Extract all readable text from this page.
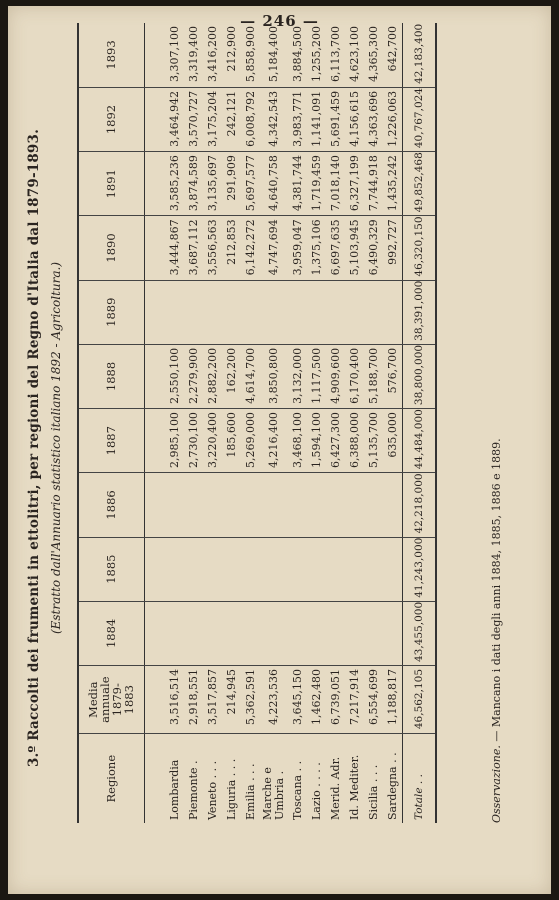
— 246 —
3.º Raccolti dei frumenti in ettolitri, per regioni del Regno d'Italia dal 1879-1893. (Estratto dall'Annuario statistico italiano 1892 - Agricoltura.)
Regione	Media annuale 1879-1883	1884	1885	1886	1887	1888	1889	1890	1891	1892	1893
Lombardia	3,516,514				2,985,100	2,550,100		3,444,867	3,585,236	3,464,942	3,307,100
Piemonte .	2,918,551				2,730,100	2,279,900		3,687,112	3,874,589	3,570,727	3,319,400
Veneto . . .	3,517,857				3,220,400	2,882,200		3,556,563	3,135,697	3,175,204	3,416,200
Liguria . . .	214,945				185,600	162,200		212,853	291,909	242,121	212,900
Emilia . . .	5,362,591				5,269,000	4,614,700		6,142,272	5,697,577	6,008,792	5,858,900
Marche e Umbria .	4,223,536				4,216,400	3,850,800		4,747,694	4,640,758	4,342,543	5,184,400
Toscana . .	3,645,150				3,468,100	3,132,000		3,959,047	4,381,744	3,983,771	3,884,500
Lazio . . . .	1,462,480				1,594,100	1,117,500		1,375,106	1,719,459	1,141,091	1,255,200
Merid. Adr.	6,739,051				6,427,300	4,909,600		6,697,635	7,018,140	5,691,459	6,113,700
Id. Mediter.	7,217,914				6,388,000	6,170,400		5,103,945	6,327,199	4,156,615	4,623,100
Sicilia . . .	6,554,699				5,135,700	5,188,700		6,490,329	7,744,918	4,363,696	4,365,300
Sardegna . .	1,188,817				635,000	576,700		992,727	1,435,242	1,226,063	642,700
Totale . .	46,562,105	43,455,000	41,243,000	42,218,000	44,484,000	38,800,000	38,391,000	46,320,150	49,852,468	40,767,024	42,183,400
Osservazione. — Mancano i dati degli anni 1884, 1885, 1886 e 1889.
